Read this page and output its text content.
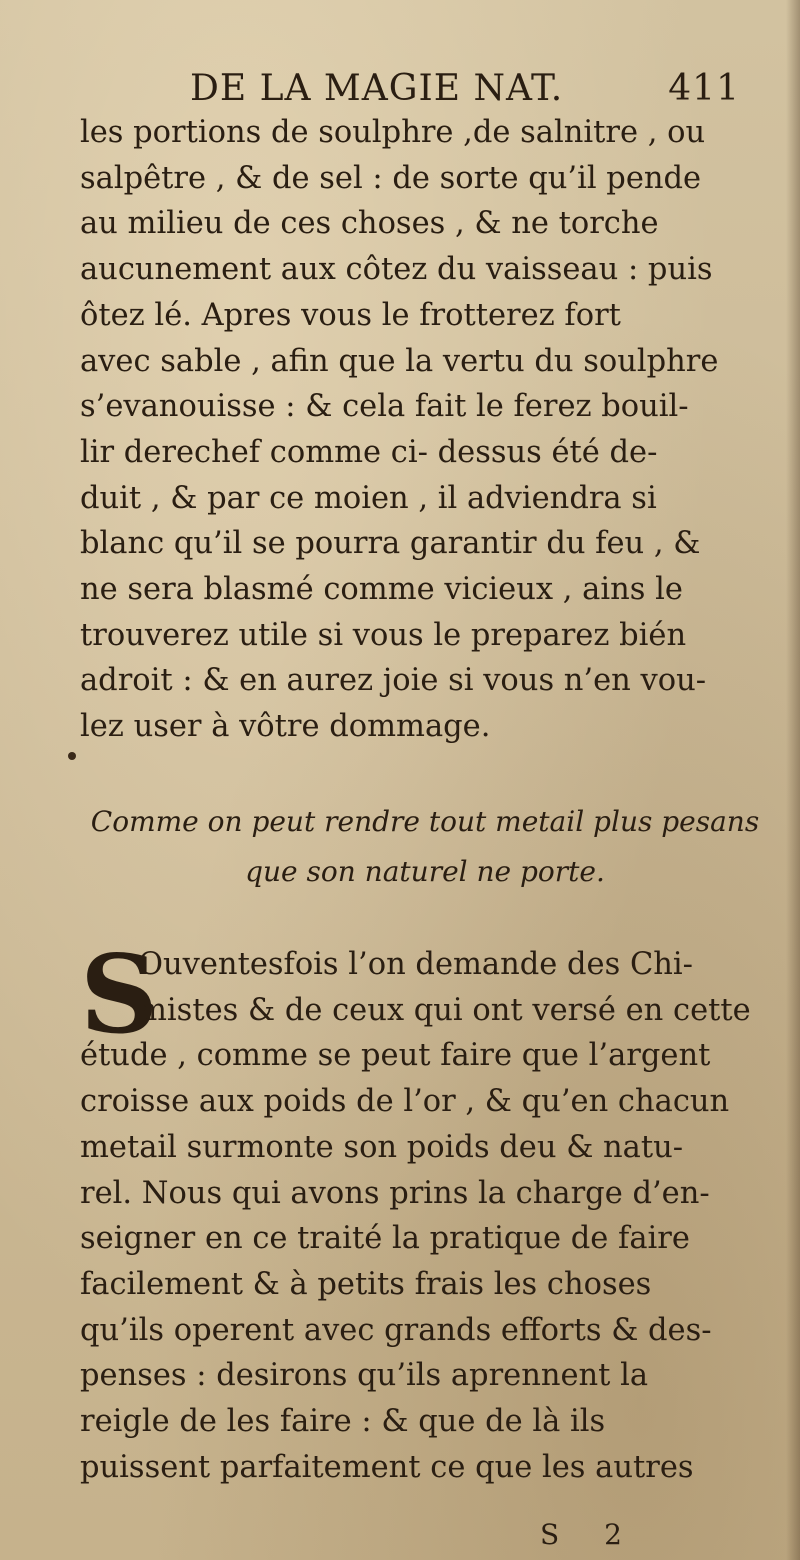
DE LA MAGIE NAT.	411
les portions de soulphre ,de salnitre , ou
salpêtre , & de sel : de sorte qu’il pende
au milieu de ces choses , & ne torche
aucunement aux côtez du vaisseau : puis
ôtez lé. Apres vous le frotterez fort
avec sable , afin que la vertu du soulphre
s’evanouisse : & cela fait le ferez bouil-
lir derechef comme ci- dessus été de-
duit , & par ce moien , il adviendra si
blanc qu’il se pourra garantir du feu , &
ne sera blasmé comme vicieux , ains le
trouverez utile si vous le preparez bién
adroit : & en aurez joie si vous n’en vou-
lez user à vôtre dommage.
Comme on peut rendre tout metail plus pesans
que son naturel ne porte.
S
Ouventesfois l’on demande des Chi-
mistes & de ceux qui ont versé en cette
étude , comme se peut faire que l’argent
croisse aux poids de l’or , & qu’en chacun
metail surmonte son poids deu & natu-
rel. Nous qui avons prins la charge d’en-
seigner en ce traité la pratique de faire
facilement & à petits frais les choses
qu’ils operent avec grands efforts & des-
penses : desirons qu’ils aprennent la
reigle de les faire : & que de là ils
puissent parfaitement ce que les autres
S 2
